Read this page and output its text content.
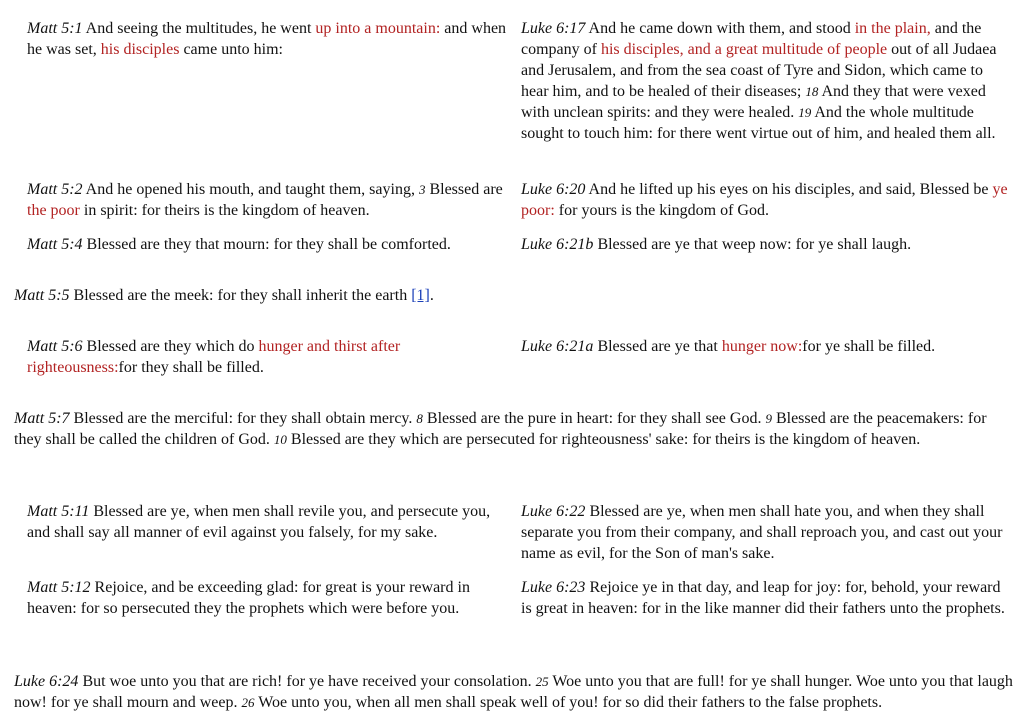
Matt 5:1 And seeing the multitudes, he went up into a mountain: and when he was set, his disciples came unto him:
Luke 6:17 And he came down with them, and stood in the plain, and the company of his disciples, and a great multitude of people out of all Judaea and Jerusalem, and from the sea coast of Tyre and Sidon, which came to hear him, and to be healed of their diseases; 18 And they that were vexed with unclean spirits: and they were healed. 19 And the whole multitude sought to touch him: for there went virtue out of him, and healed them all.
Matt 5:2 And he opened his mouth, and taught them, saying, 3 Blessed are the poor in spirit: for theirs is the kingdom of heaven.
Luke 6:20 And he lifted up his eyes on his disciples, and said, Blessed be ye poor: for yours is the kingdom of God.
Matt 5:4 Blessed are they that mourn: for they shall be comforted.	Luke 6:21b Blessed are ye that weep now: for ye shall laugh.
Matt 5:5 Blessed are the meek: for they shall inherit the earth [1].
Matt 5:6 Blessed are they which do hunger and thirst after righteousness:for they shall be filled.
Luke 6:21a Blessed are ye that hunger now:for ye shall be filled.
Matt 5:7 Blessed are the merciful: for they shall obtain mercy. 8 Blessed are the pure in heart: for they shall see God. 9 Blessed are the peacemakers: for they shall be called the children of God. 10 Blessed are they which are persecuted for righteousness' sake: for theirs is the kingdom of heaven.
Matt 5:11 Blessed are ye, when men shall revile you, and persecute you, and shall say all manner of evil against you falsely, for my sake.
Luke 6:22 Blessed are ye, when men shall hate you, and when they shall separate you from their company, and shall reproach you, and cast out your name as evil, for the Son of man's sake.
Matt 5:12 Rejoice, and be exceeding glad: for great is your reward in heaven: for so persecuted they the prophets which were before you.
Luke 6:23 Rejoice ye in that day, and leap for joy: for, behold, your reward is great in heaven: for in the like manner did their fathers unto the prophets.
Luke 6:24 But woe unto you that are rich! for ye have received your consolation. 25 Woe unto you that are full! for ye shall hunger. Woe unto you that laugh now! for ye shall mourn and weep. 26 Woe unto you, when all men shall speak well of you! for so did their fathers to the false prophets.
